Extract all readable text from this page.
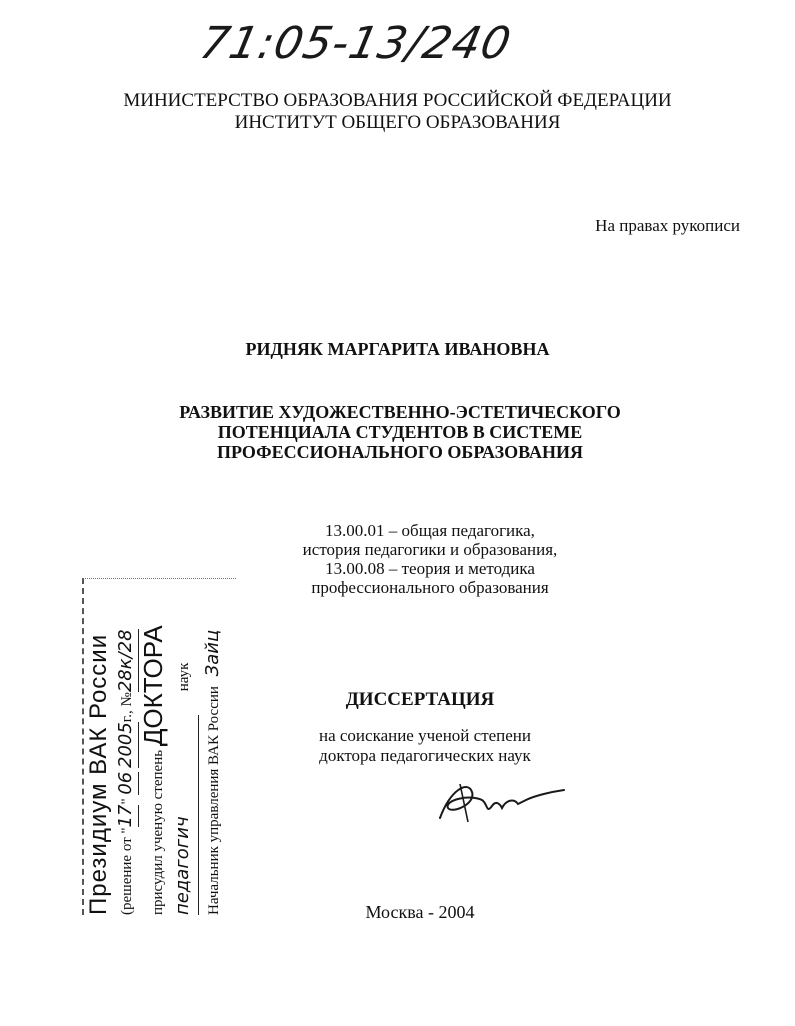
71:05-13/240
МИНИСТЕРСТВО ОБРАЗОВАНИЯ РОССИЙСКОЙ ФЕДЕРАЦИИ
ИНСТИТУТ ОБЩЕГО ОБРАЗОВАНИЯ
На правах рукописи
РИДНЯК МАРГАРИТА ИВАНОВНА
РАЗВИТИЕ ХУДОЖЕСТВЕННО-ЭСТЕТИЧЕСКОГО
ПОТЕНЦИАЛА СТУДЕНТОВ В СИСТЕМЕ
ПРОФЕССИОНАЛЬНОГО ОБРАЗОВАНИЯ
13.00.01 – общая педагогика,
история педагогики и образования,
13.00.08 – теория и методика
профессионального образования
ДИССЕРТАЦИЯ
на соискание ученой степени
доктора педагогических наук
Москва - 2004
Президиум ВАК России (решение от "17" 06 2005г., №28к/28
присудил ученую степень ДОКТОРА
педагогич наук
Начальник управления ВАК России Зайц
